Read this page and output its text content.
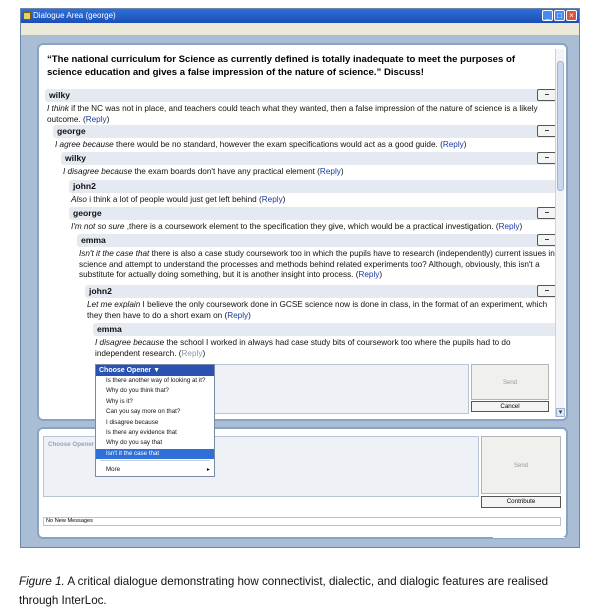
Dialogue Area (george)	_ □ ×
“The national curriculum for Science as currently defined is totally inadequate to meet the purposes of science education and gives a false impression of the nature of science.” Discuss!
wilky	–
I think if the NC was not in place, and teachers could teach what they wanted, then a false impression of the nature of science is a likely outcome. (Reply)
george	–
I agree because there would be no standard, however the exam specifications would act as a good guide. (Reply)
wilky	–
I disagree because the exam boards don't have any practical element (Reply)
john2
Also i think a lot of people would just get left behind (Reply)
george	–
I'm not so sure ,there is a coursework element to the specification they give, which would be a practical investigation. (Reply)
emma	–
Isn't it the case that there is also a case study coursework too in which the pupils have to research (independently) current issues in science and attempt to understand the processes and methods behind related experiments too? Although, obviously, this isn't a substitute for actually doing something, but it is another insight into process. (Reply)
john2	–
Let me explain I believe the only coursework done in GCSE science now is done in class, in the format of an experiment, which they then have to do a short exam on (Reply)
emma
I disagree because the school I worked in always had case study bits of coursework too where the pupils had to do independent research. (Reply)
▾
Send
Cancel
Choose Opener ▼
Is there another way of looking at it?
Why do you think that?
Why is it?
Can you say more on that?
I disagree because
Is there any evidence that
Why do you say that
Isn't it the case that
More ▸
Choose Opener
Send
Contribute
No New Messages
Save Dialogue as HTML
Figure 1. A critical dialogue demonstrating how connectivist, dialectic, and dialogic features are realised through InterLoc.
